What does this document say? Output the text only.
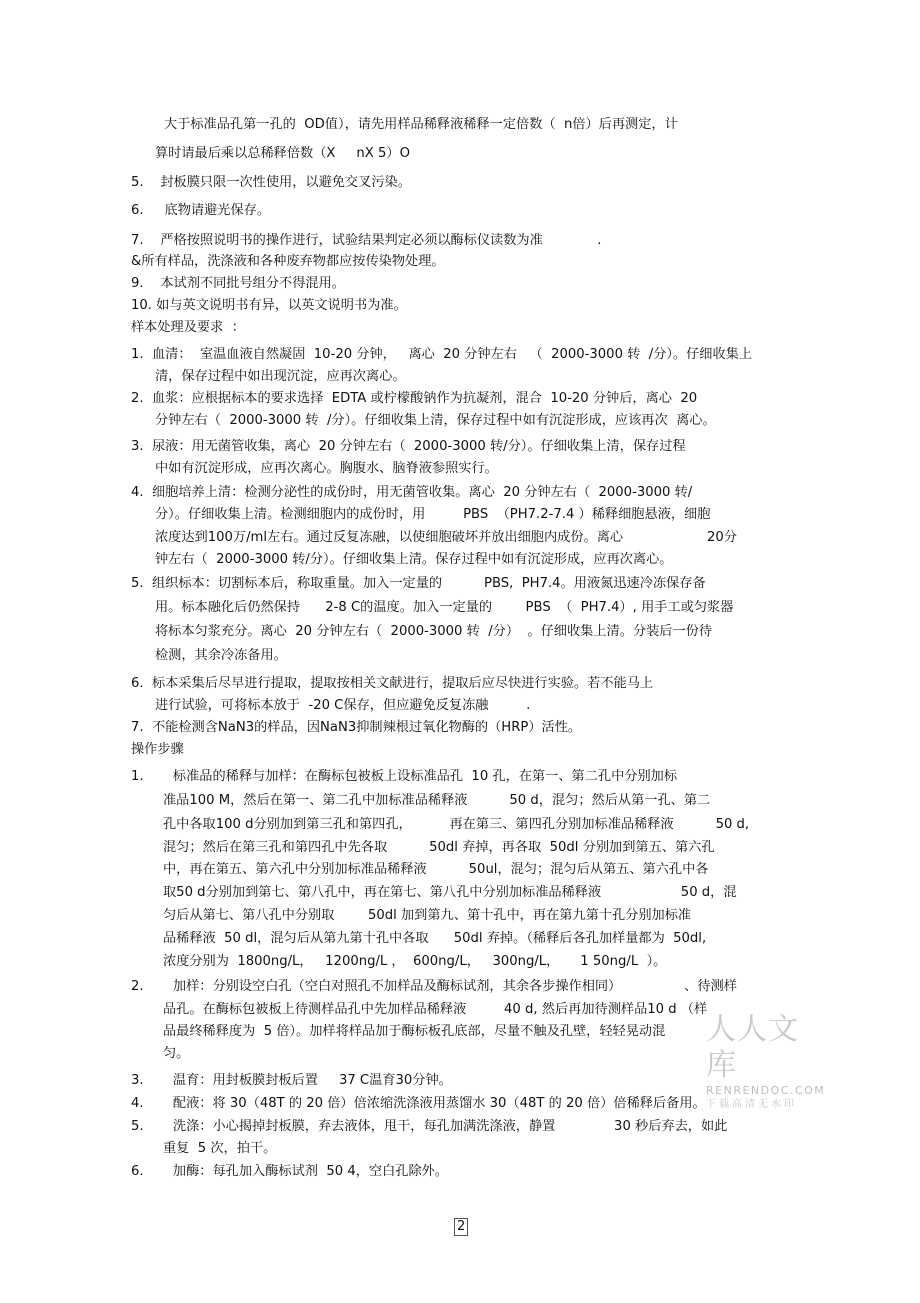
大于标准品孔第一孔的  OD值），请先用样品稀释液稀释一定倍数（  n倍）后再测定，计
算时请最后乘以总稀释倍数（X     nX 5）O
5.    封板膜只限一次性使用，以避免交叉污染。
6.     底物请避光保存。
7.    严格按照说明书的操作进行，试验结果判定必须以酶标仪读数为准             .
&所有样品，洗涤液和各种废弃物都应按传染物处理。
9.    本试剂不同批号组分不得混用。
10. 如与英文说明书有异，以英文说明书为准。
样本处理及要求  ：
1.  血清：  室温血液自然凝固  10-20 分钟，   离心  20 分钟左右   （  2000-3000 转  /分）。仔细收集上
清，保存过程中如出现沉淀，应再次离心。
2.  血浆：应根据标本的要求选择  EDTA 或柠檬酸钠作为抗凝剂，混合  10-20 分钟后，离心  20
分钟左右（  2000-3000 转  /分）。仔细收集上清，保存过程中如有沉淀形成，应该再次  离心。
3.  尿液：用无菌管收集，离心  20 分钟左右（  2000-3000 转/分）。仔细收集上清，保存过程
中如有沉淀形成，应再次离心。胸腹水、脑脊液参照实行。
4.  细胞培养上清：检测分泌性的成份时，用无菌管收集。离心  20 分钟左右（  2000-3000 转/
分）。仔细收集上清。检测细胞内的成份时，用         PBS  （PH7.2-7.4 ）稀释细胞悬液，细胞
浓度达到100万/ml左右。通过反复冻融，以使细胞破坏并放出细胞内成份。离心                    20分
钟左右（  2000-3000 转/分）。仔细收集上清。保存过程中如有沉淀形成，应再次离心。
5.  组织标本：切割标本后，称取重量。加入一定量的          PBS,  PH7.4。用液氮迅速冷冻保存备
用。标本融化后仍然保持      2-8 C的温度。加入一定量的        PBS  （  PH7.4）, 用手工或匀浆器
将标本匀浆充分。离心  20 分钟左右（  2000-3000 转  /分）  。仔细收集上清。分装后一份待
检测，其余冷冻备用。
6.  标本采集后尽早进行提取，提取按相关文献进行，提取后应尽快进行实验。若不能马上
进行试验，可将标本放于  -20 C保存，但应避免反复冻融         .
7.  不能检测含NaN3的样品，因NaN3抑制辣根过氧化物酶的（HRP）活性。
操作步骤
1.       标准品的稀释与加样：在酶标包被板上设标准品孔  10 孔，在第一、第二孔中分别加标
准品100 M，然后在第一、第二孔中加标准品稀释液          50 d，混匀；然后从第一孔、第二
孔中各取100 d分别加到第三孔和第四孔，         再在第三、第四孔分别加标准品稀释液          50 d,
混匀；然后在第三孔和第四孔中先各取          50dl 弃掉，再各取  50dl 分别加到第五、第六孔
中，再在第五、第六孔中分别加标准品稀释液          50ul，混匀；混匀后从第五、第六孔中各
取50 d分别加到第七、第八孔中，再在第七、第八孔中分别加标准品稀释液                   50 d，混
匀后从第七、第八孔中分别取        50dl 加到第九、第十孔中，再在第九第十孔分别加标准
品稀释液  50 dl，混匀后从第九第十孔中各取      50dl 弃掉。（稀释后各孔加样量都为  50dl,
浓度分别为  1800ng/L，   1200ng/L ，  600ng/L，   300ng/L，     1 50ng/L  ）。
2.       加样：分别设空白孔（空白对照孔不加样品及酶标试剂，其余各步操作相同）               、待测样
品孔。在酶标包被板上待测样品孔中先加样品稀释液         40 d, 然后再加待测样品10 d （样
品最终稀释度为  5 倍）。加样将样品加于酶标板孔底部，尽量不触及孔壁，轻轻晃动混
匀。
3.       温育：用封板膜封板后置     37 C温育30分钟。
4.       配液：将 30（48T 的 20 倍）倍浓缩洗涤液用蒸馏水 30（48T 的 20 倍）倍稀释后备用。
5.       洗涤：小心揭掉封板膜，弃去液体，甩干，每孔加满洗涤液，静置              30 秒后弃去，如此
重复  5 次，拍干。
6.       加酶：每孔加入酶标试剂  50 4，空白孔除外。
人人文库
RENRENDOC.COM
下载高清无水印
2
